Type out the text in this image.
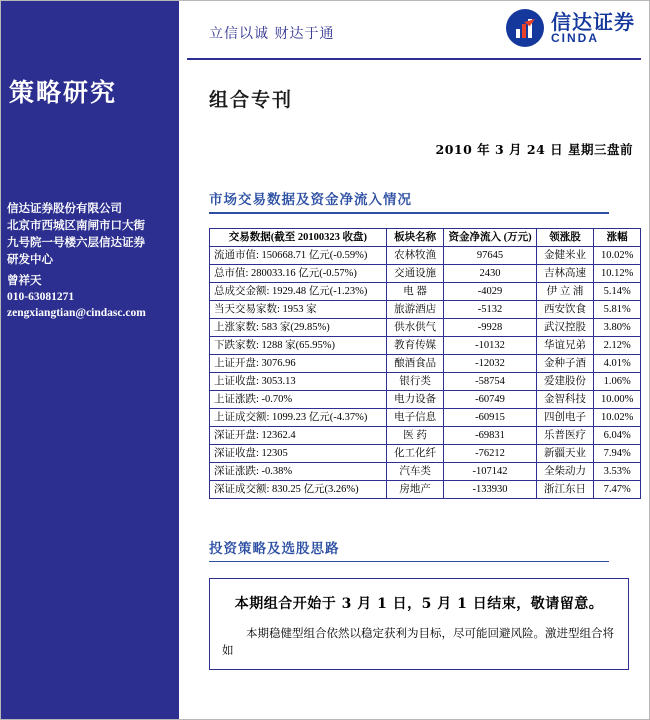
策略研究
信达证券股份有限公司
北京市西城区南闸市口大街
九号院一号楼六层信达证券
研发中心
曾祥天
010-63081271
zengxiangtian@cindasc.com
立信以诚 财达于通
信达证券
CINDA
组合专刊
2010 年 3 月 24 日 星期三盘前
市场交易数据及资金净流入情况
交易数据(截至 20100323 收盘)	板块名称	资金净流入 (万元)	领涨股	涨幅
流通市值: 150668.71 亿元(-0.59%)	农林牧渔	97645	金健米业	10.02%
总市值: 280033.16 亿元(-0.57%)	交通设施	2430	吉林高速	10.12%
总成交金额: 1929.48 亿元(-1.23%)	电 器	-4029	伊 立 浦	5.14%
当天交易家数: 1953 家	旅游酒店	-5132	西安饮食	5.81%
上涨家数: 583 家(29.85%)	供水供气	-9928	武汉控股	3.80%
下跌家数: 1288 家(65.95%)	教育传媒	-10132	华谊兄弟	2.12%
上证开盘: 3076.96	酿酒食品	-12032	金种子酒	4.01%
上证收盘: 3053.13	银行类	-58754	爱建股份	1.06%
上证涨跌: -0.70%	电力设备	-60749	金智科技	10.00%
上证成交额: 1099.23 亿元(-4.37%)	电子信息	-60915	四创电子	10.02%
深证开盘: 12362.4	医 药	-69831	乐普医疗	6.04%
深证收盘: 12305	化工化纤	-76212	新疆天业	7.94%
深证涨跌: -0.38%	汽车类	-107142	全柴动力	3.53%
深证成交额: 830.25 亿元(3.26%)	房地产	-133930	浙江东日	7.47%
投资策略及选股思路
本期组合开始于 3 月 1 日，5 月 1 日结束，敬请留意。
本期稳健型组合依然以稳定获利为目标，尽可能回避风险。激进型组合将如
